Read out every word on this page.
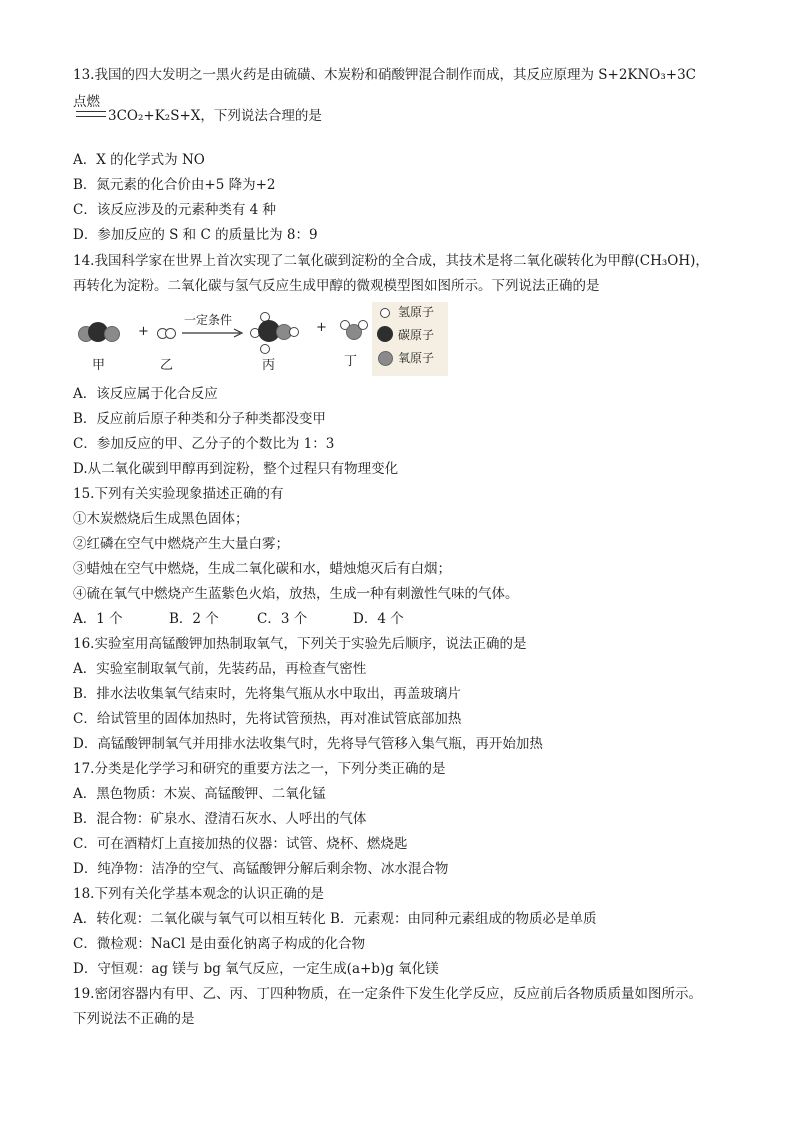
13.我国的四大发明之一黑火药是由硫磺、木炭粉和硝酸钾混合制作而成，其反应原理为 S+2KNO₃+3C
点燃
3CO₂+K₂S+X，下列说法合理的是
A．X 的化学式为 NO
B．氮元素的化合价由+5 降为+2
C．该反应涉及的元素种类有 4 种
D．参加反应的 S 和 C 的质量比为 8：9
14.我国科学家在世界上首次实现了二氧化碳到淀粉的全合成，其技术是将二氧化碳转化为甲醇(CH₃OH)，
再转化为淀粉。二氧化碳与氢气反应生成甲醇的微观模型图如图所示。下列说法正确的是
甲
+
乙
一定条件
丙
+
丁
氢原子
碳原子
氧原子
A．该反应属于化合反应
B．反应前后原子种类和分子种类都没变甲
C．参加反应的甲、乙分子的个数比为 1：3
D.从二氧化碳到甲醇再到淀粉，整个过程只有物理变化
15.下列有关实验现象描述正确的有
①木炭燃烧后生成黑色固体；
②红磷在空气中燃烧产生大量白雾；
③蜡烛在空气中燃烧，生成二氧化碳和水，蜡烛熄灭后有白烟；
④硫在氧气中燃烧产生蓝紫色火焰，放热，生成一种有刺激性气味的气体。
A．1 个	B．2 个	C．3 个	D．4 个
16.实验室用高锰酸钾加热制取氧气，下列关于实验先后顺序，说法正确的是
A．实验室制取氧气前，先装药品，再检查气密性
B．排水法收集氧气结束时，先将集气瓶从水中取出，再盖玻璃片
C．给试管里的固体加热时，先将试管预热，再对准试管底部加热
D．高锰酸钾制氧气并用排水法收集气时，先将导气管移入集气瓶，再开始加热
17.分类是化学学习和研究的重要方法之一，下列分类正确的是
A．黑色物质：木炭、高锰酸钾、二氧化锰
B．混合物：矿泉水、澄清石灰水、人呼出的气体
C．可在酒精灯上直接加热的仪器：试管、烧杯、燃烧匙
D．纯净物：洁净的空气、高锰酸钾分解后剩余物、冰水混合物
18.下列有关化学基本观念的认识正确的是
A．转化观：二氧化碳与氧气可以相互转化 B．元素观：由同种元素组成的物质必是单质
C．微检观：NaCl 是由蚕化钠离子构成的化合物
D．守恒观：ag 镁与 bg 氧气反应，一定生成(a+b)g 氧化镁
19.密闭容器内有甲、乙、丙、丁四种物质，在一定条件下发生化学反应，反应前后各物质质量如图所示。
下列说法不正确的是
